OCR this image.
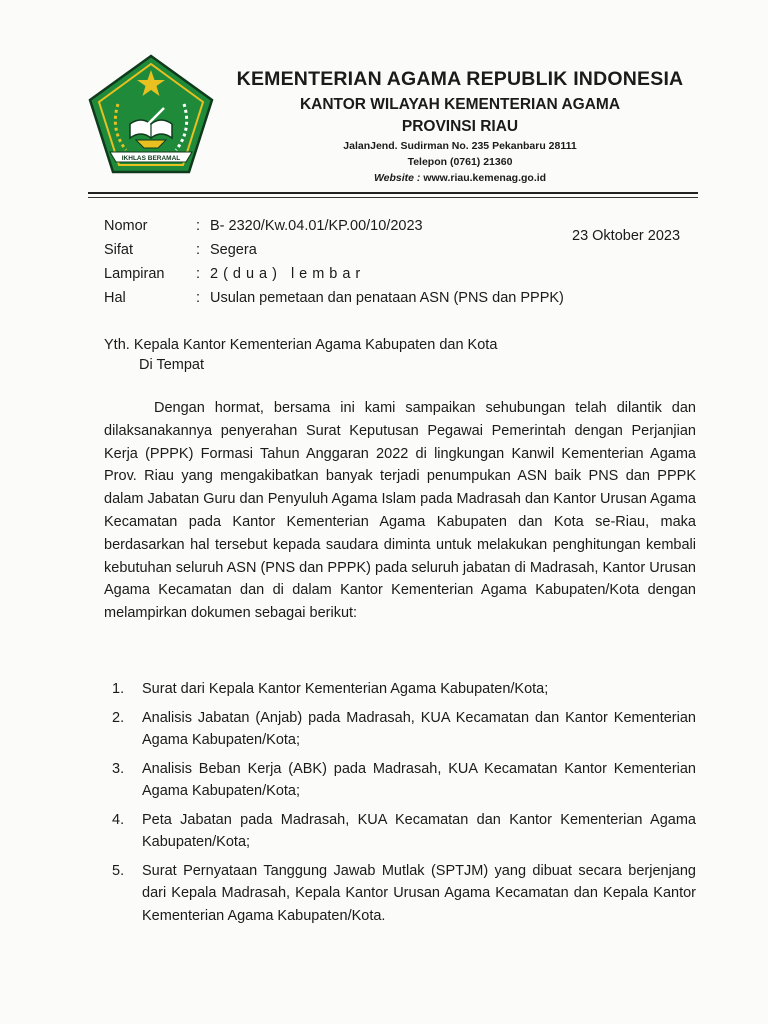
IKHLAS BERAMAL
KEMENTERIAN AGAMA REPUBLIK INDONESIA
KANTOR WILAYAH KEMENTERIAN AGAMA
PROVINSI RIAU
JalanJend. Sudirman No. 235 Pekanbaru 28111
Telepon (0761) 21360
Website : www.riau.kemenag.go.id
Nomor	: B- 2320/Kw.04.01/KP.00/10/2023
Sifat	: Segera
Lampiran : 2(dua) lembar
Hal	: Usulan pemetaan dan penataan ASN (PNS dan PPPK)
23 Oktober 2023
Yth. Kepala Kantor Kementerian Agama Kabupaten dan Kota
Di Tempat

Dengan hormat, bersama ini kami sampaikan sehubungan telah dilantik dan dilaksanakannya penyerahan Surat Keputusan Pegawai Pemerintah dengan Perjanjian Kerja (PPPK) Formasi Tahun Anggaran 2022 di lingkungan Kanwil Kementerian Agama Prov. Riau yang mengakibatkan banyak terjadi penumpukan ASN baik PNS dan PPPK dalam Jabatan Guru dan Penyuluh Agama Islam pada Madrasah dan Kantor Urusan Agama Kecamatan pada Kantor Kementerian Agama Kabupaten dan Kota se-Riau, maka berdasarkan hal tersebut kepada saudara diminta untuk melakukan penghitungan kembali kebutuhan seluruh ASN (PNS dan PPPK) pada seluruh jabatan di Madrasah, Kantor Urusan Agama Kecamatan dan di dalam Kantor Kementerian Agama Kabupaten/Kota dengan melampirkan dokumen sebagai berikut:

1. Surat dari Kepala Kantor Kementerian Agama Kabupaten/Kota;
2. Analisis Jabatan (Anjab) pada Madrasah, KUA Kecamatan dan Kantor Kementerian Agama Kabupaten/Kota;
3. Analisis Beban Kerja (ABK) pada Madrasah, KUA Kecamatan Kantor Kementerian Agama Kabupaten/Kota;
4. Peta Jabatan pada Madrasah, KUA Kecamatan dan Kantor Kementerian Agama Kabupaten/Kota;
5. Surat Pernyataan Tanggung Jawab Mutlak (SPTJM) yang dibuat secara berjenjang dari Kepala Madrasah, Kepala Kantor Urusan Agama Kecamatan dan Kepala Kantor Kementerian Agama Kabupaten/Kota.
